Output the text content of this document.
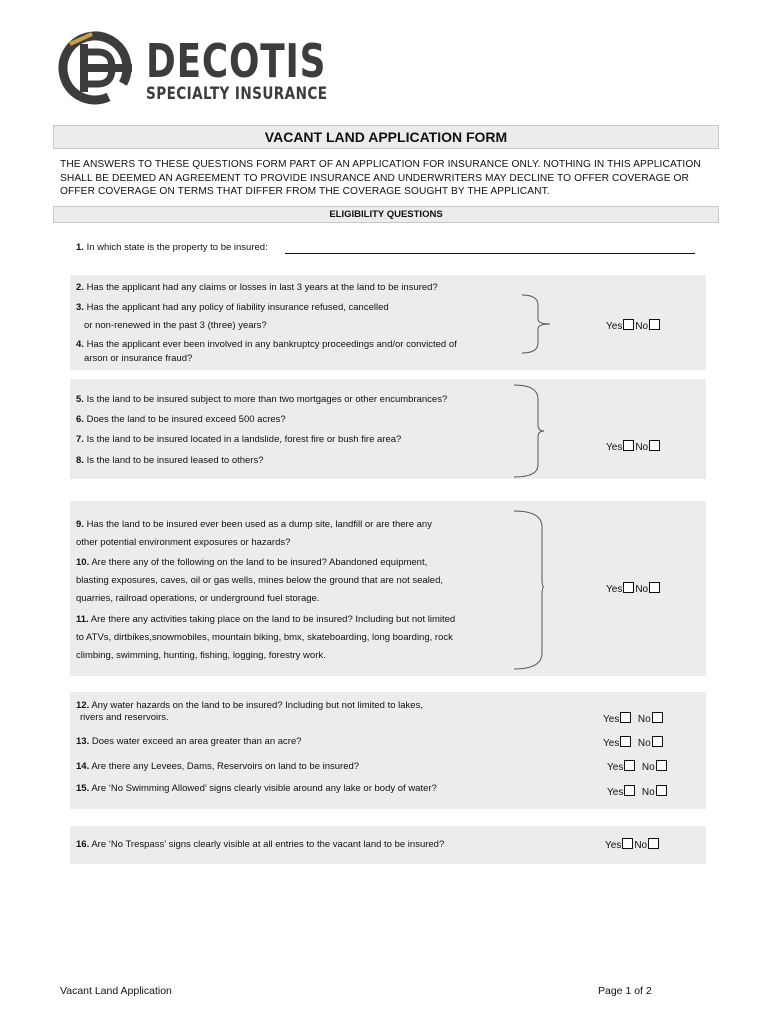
DECOTIS
SPECIALTY INSURANCE
VACANT LAND APPLICATION FORM
THE ANSWERS TO THESE QUESTIONS FORM PART OF AN APPLICATION FOR INSURANCE ONLY. NOTHING IN THIS APPLICATION
SHALL BE DEEMED AN AGREEMENT TO PROVIDE INSURANCE AND UNDERWRITERS MAY DECLINE TO OFFER COVERAGE OR
OFFER COVERAGE ON TERMS THAT DIFFER FROM THE COVERAGE SOUGHT BY THE APPLICANT.
ELIGIBILITY QUESTIONS
1. In which state is the property to be insured:
2. Has the applicant had any claims or losses in last 3 years at the land to be insured?
3. Has the applicant had any policy of liability insurance refused, cancelled
or non-renewed in the past 3 (three) years?
4. Has the applicant ever been involved in any bankruptcy proceedings and/or convicted of
arson or insurance fraud?
Yes No
5. Is the land to be insured subject to more than two mortgages or other encumbrances?
6. Does the land to be insured exceed 500 acres?
7. Is the land to be insured located in a landslide, forest fire or bush fire area?
8. Is the land to be insured leased to others?
Yes No
9. Has the land to be insured ever been used as a dump site, landfill or are there any
other potential environment exposures or hazards?
10. Are there any of the following on the land to be insured? Abandoned equipment,
blasting exposures, caves, oil or gas wells, mines below the ground that are not sealed,
quarries, railroad operations, or underground fuel storage.
11. Are there any activities taking place on the land to be insured? Including but not limited
to ATVs, dirtbikes,snowmobiles, mountain biking, bmx, skateboarding, long boarding, rock
climbing, swimming, hunting, fishing, logging, forestry work.
Yes No
12. Any water hazards on the land to be insured? Including but not limited to lakes,
rivers and reservoirs.
13. Does water exceed an area greater than an acre?
14. Are there any Levees, Dams, Reservoirs on land to be insured?
15. Are ‘No Swimming Allowed’ signs clearly visible around any lake or body of water?
Yes No
Yes No
Yes No
Yes No
16. Are ‘No Trespass’ signs clearly visible at all entries to the vacant land to be insured?	Yes No
Vacant Land Application	Page 1 of 2
